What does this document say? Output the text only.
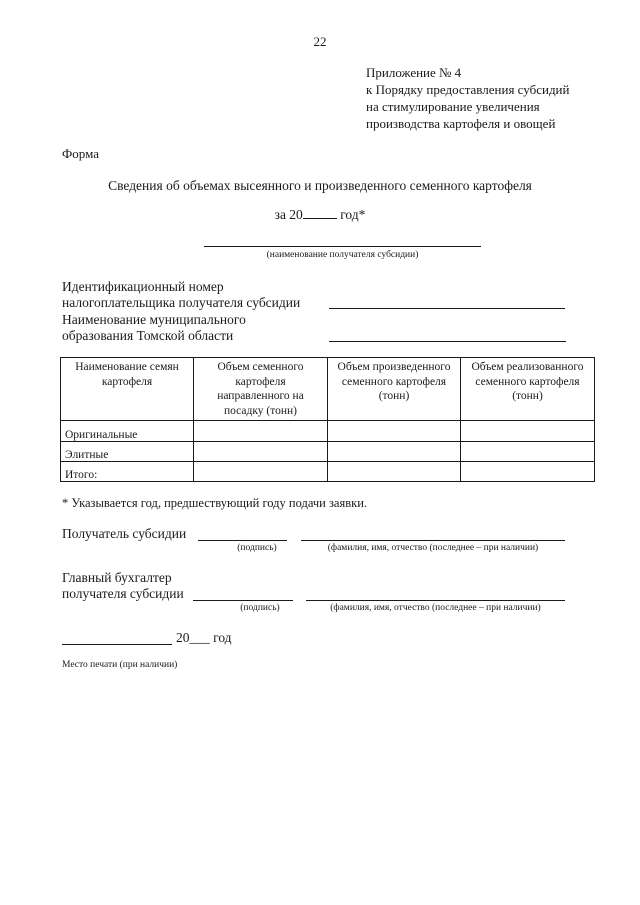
22
Приложение № 4
к Порядку предоставления субсидий
на стимулирование увеличения
производства картофеля и овощей
Форма
Сведения об объемах высеянного и произведенного семенного картофеля
за 20	год*
(наименование получателя субсидии)
Идентификационный номер
налогоплательщика получателя субсидии
Наименование муниципального
образования Томской области
Наименование семян картофеля	Объем семенного картофеля направленного на посадку (тонн)	Объем произведенного семенного картофеля (тонн)	Объем реализованного семенного картофеля (тонн)
Оригинальные			
Элитные			
Итого:			
* Указывается год, предшествующий году подачи заявки.
Получатель субсидии
(подпись)	(фамилия, имя, отчество (последнее – при наличии)
Главный бухгалтер
получателя субсидии
(подпись)	(фамилия, имя, отчество (последнее – при наличии)
20___ год
Место печати (при наличии)
